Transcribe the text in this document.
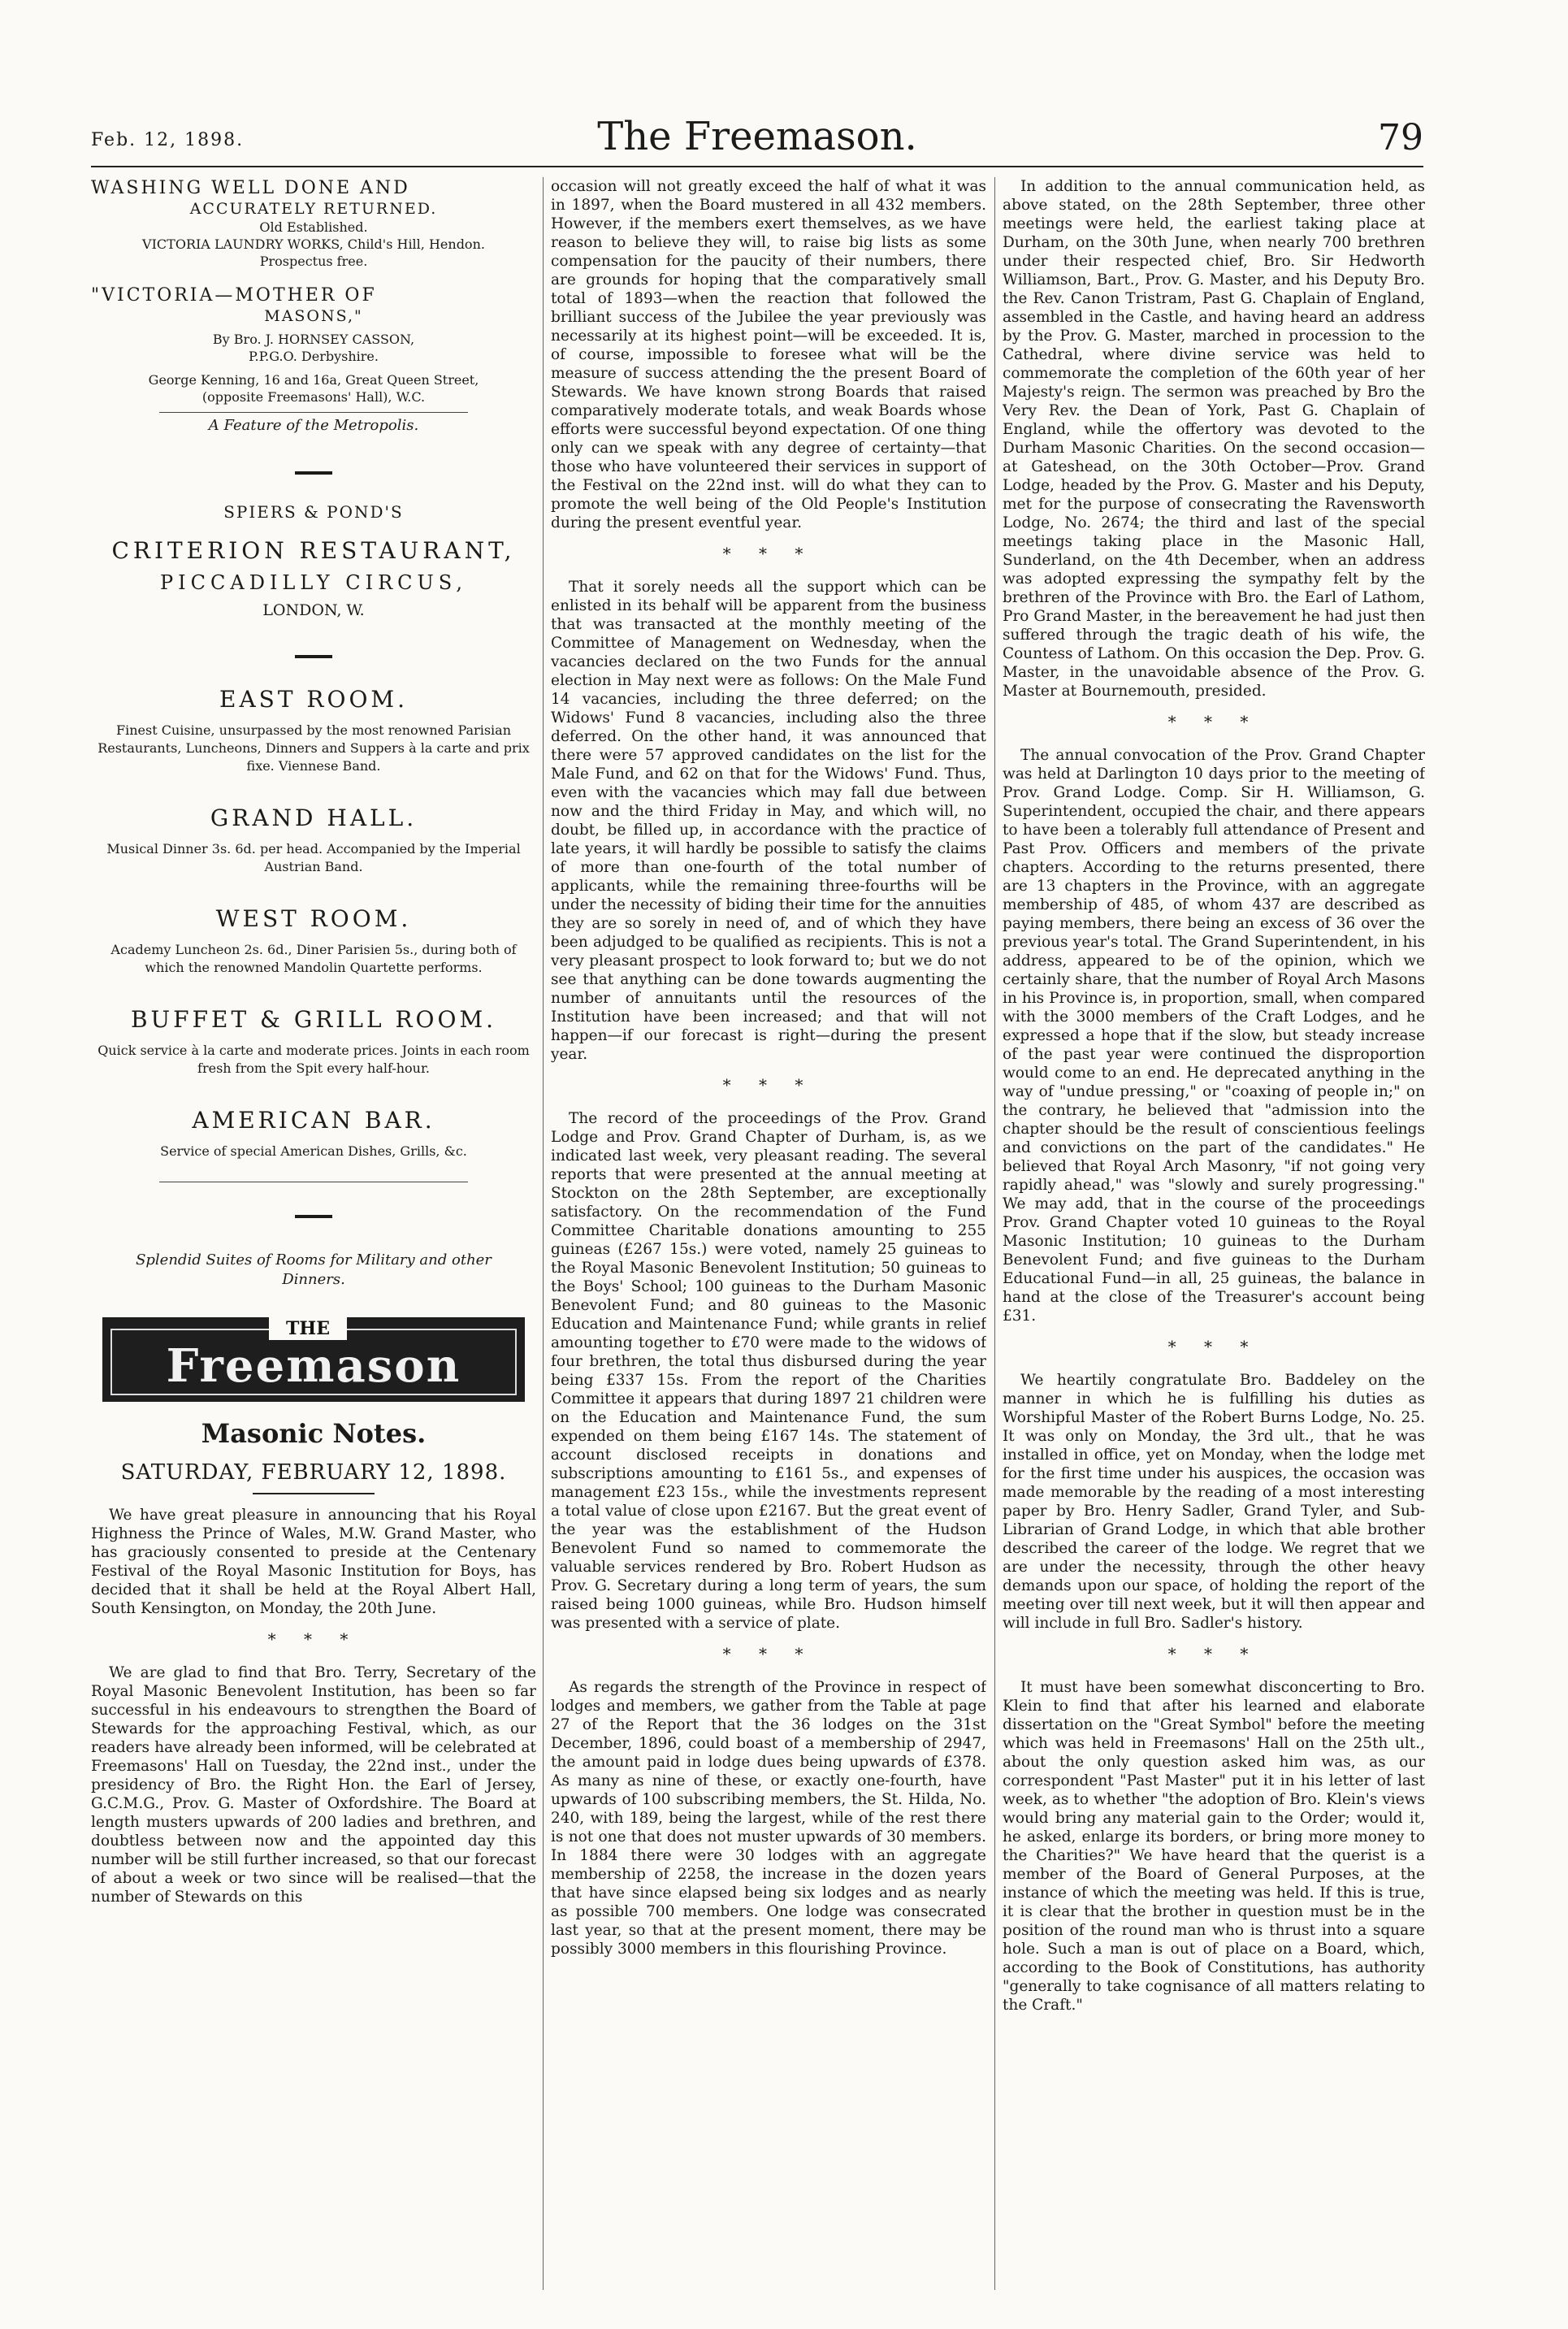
Feb. 12, 1898.	The Freemason.	79
WASHING WELL DONE AND
ACCURATELY RETURNED.
Old Established.
VICTORIA LAUNDRY WORKS, Child's Hill, Hendon.
Prospectus free.
"VICTORIA—MOTHER OF
MASONS,"
By Bro. J. HORNSEY CASSON,
P.P.G.O. Derbyshire.
George Kenning, 16 and 16a, Great Queen Street,
(opposite Freemasons' Hall), W.C.
A Feature of the Metropolis.
SPIERS & POND'S
CRITERION RESTAURANT,
PICCADILLY CIRCUS,
LONDON, W.
EAST ROOM.
Finest Cuisine, unsurpassed by the most renowned Parisian Restaurants, Luncheons, Dinners and Suppers à la carte and prix fixe. Viennese Band.
GRAND HALL.
Musical Dinner 3s. 6d. per head. Accompanied by the Imperial Austrian Band.
WEST ROOM.
Academy Luncheon 2s. 6d., Diner Parisien 5s., during both of which the renowned Mandolin Quartette performs.
BUFFET & GRILL ROOM.
Quick service à la carte and moderate prices. Joints in each room fresh from the Spit every half-hour.
AMERICAN BAR.
Service of special American Dishes, Grills, &c.
Splendid Suites of Rooms for Military and other Dinners.
THE
Freemason
Masonic Notes.
SATURDAY, FEBRUARY 12, 1898.

We have great pleasure in announcing that his Royal Highness the Prince of Wales, M.W. Grand Master, who has graciously consented to preside at the Centenary Festival of the Royal Masonic Institution for Boys, has decided that it shall be held at the Royal Albert Hall, South Kensington, on Monday, the 20th June.

* * *

We are glad to find that Bro. Terry, Secretary of the Royal Masonic Benevolent Institution, has been so far successful in his endeavours to strengthen the Board of Stewards for the approaching Festival, which, as our readers have already been informed, will be celebrated at Freemasons' Hall on Tuesday, the 22nd inst., under the presidency of Bro. the Right Hon. the Earl of Jersey, G.C.M.G., Prov. G. Master of Oxfordshire. The Board at length musters upwards of 200 ladies and brethren, and doubtless between now and the appointed day this number will be still further increased, so that our forecast of about a week or two since will be realised—that the number of Stewards on this

occasion will not greatly exceed the half of what it was in 1897, when the Board mustered in all 432 members. However, if the members exert themselves, as we have reason to believe they will, to raise big lists as some compensation for the paucity of their numbers, there are grounds for hoping that the comparatively small total of 1893—when the reaction that followed the brilliant success of the Jubilee the year previously was necessarily at its highest point—will be exceeded. It is, of course, impossible to foresee what will be the measure of success attending the the present Board of Stewards. We have known strong Boards that raised comparatively moderate totals, and weak Boards whose efforts were successful beyond expectation. Of one thing only can we speak with any degree of certainty—that those who have volunteered their services in support of the Festival on the 22nd inst. will do what they can to promote the well being of the Old People's Institution during the present eventful year.

* * *

That it sorely needs all the support which can be enlisted in its behalf will be apparent from the business that was transacted at the monthly meeting of the Committee of Management on Wednesday, when the vacancies declared on the two Funds for the annual election in May next were as follows: On the Male Fund 14 vacancies, including the three deferred; on the Widows' Fund 8 vacancies, including also the three deferred. On the other hand, it was announced that there were 57 approved candidates on the list for the Male Fund, and 62 on that for the Widows' Fund. Thus, even with the vacancies which may fall due between now and the third Friday in May, and which will, no doubt, be filled up, in accordance with the practice of late years, it will hardly be possible to satisfy the claims of more than one-fourth of the total number of applicants, while the remaining three-fourths will be under the necessity of biding their time for the annuities they are so sorely in need of, and of which they have been adjudged to be qualified as recipients. This is not a very pleasant prospect to look forward to; but we do not see that anything can be done towards augmenting the number of annuitants until the resources of the Institution have been increased; and that will not happen—if our forecast is right—during the present year.

* * *

The record of the proceedings of the Prov. Grand Lodge and Prov. Grand Chapter of Durham, is, as we indicated last week, very pleasant reading. The several reports that were presented at the annual meeting at Stockton on the 28th September, are exceptionally satisfactory. On the recommendation of the Fund Committee Charitable donations amounting to 255 guineas (£267 15s.) were voted, namely 25 guineas to the Royal Masonic Benevolent Institution; 50 guineas to the Boys' School; 100 guineas to the Durham Masonic Benevolent Fund; and 80 guineas to the Masonic Education and Maintenance Fund; while grants in relief amounting together to £70 were made to the widows of four brethren, the total thus disbursed during the year being £337 15s. From the report of the Charities Committee it appears that during 1897 21 children were on the Education and Maintenance Fund, the sum expended on them being £167 14s. The statement of account disclosed receipts in donations and subscriptions amounting to £161 5s., and expenses of management £23 15s., while the investments represent a total value of close upon £2167. But the great event of the year was the establishment of the Hudson Benevolent Fund so named to commemorate the valuable services rendered by Bro. Robert Hudson as Prov. G. Secretary during a long term of years, the sum raised being 1000 guineas, while Bro. Hudson himself was presented with a service of plate.

* * *

As regards the strength of the Province in respect of lodges and members, we gather from the Table at page 27 of the Report that the 36 lodges on the 31st December, 1896, could boast of a membership of 2947, the amount paid in lodge dues being upwards of £378. As many as nine of these, or exactly one-fourth, have upwards of 100 subscribing members, the St. Hilda, No. 240, with 189, being the largest, while of the rest there is not one that does not muster upwards of 30 members. In 1884 there were 30 lodges with an aggregate membership of 2258, the increase in the dozen years that have since elapsed being six lodges and as nearly as possible 700 members. One lodge was consecrated last year, so that at the present moment, there may be possibly 3000 members in this flourishing Province.

In addition to the annual communication held, as above stated, on the 28th September, three other meetings were held, the earliest taking place at Durham, on the 30th June, when nearly 700 brethren under their respected chief, Bro. Sir Hedworth Williamson, Bart., Prov. G. Master, and his Deputy Bro. the Rev. Canon Tristram, Past G. Chaplain of England, assembled in the Castle, and having heard an address by the Prov. G. Master, marched in procession to the Cathedral, where divine service was held to commemorate the completion of the 60th year of her Majesty's reign. The sermon was preached by Bro the Very Rev. the Dean of York, Past G. Chaplain of England, while the offertory was devoted to the Durham Masonic Charities. On the second occasion—at Gateshead, on the 30th October—Prov. Grand Lodge, headed by the Prov. G. Master and his Deputy, met for the purpose of consecrating the Ravensworth Lodge, No. 2674; the third and last of the special meetings taking place in the Masonic Hall, Sunderland, on the 4th December, when an address was adopted expressing the sympathy felt by the brethren of the Province with Bro. the Earl of Lathom, Pro Grand Master, in the bereavement he had just then suffered through the tragic death of his wife, the Countess of Lathom. On this occasion the Dep. Prov. G. Master, in the unavoidable absence of the Prov. G. Master at Bournemouth, presided.

* * *

The annual convocation of the Prov. Grand Chapter was held at Darlington 10 days prior to the meeting of Prov. Grand Lodge. Comp. Sir H. Williamson, G. Superintendent, occupied the chair, and there appears to have been a tolerably full attendance of Present and Past Prov. Officers and members of the private chapters. According to the returns presented, there are 13 chapters in the Province, with an aggregate membership of 485, of whom 437 are described as paying members, there being an excess of 36 over the previous year's total. The Grand Superintendent, in his address, appeared to be of the opinion, which we certainly share, that the number of Royal Arch Masons in his Province is, in proportion, small, when compared with the 3000 members of the Craft Lodges, and he expressed a hope that if the slow, but steady increase of the past year were continued the disproportion would come to an end. He deprecated anything in the way of "undue pressing," or "coaxing of people in;" on the contrary, he believed that "admission into the chapter should be the result of conscientious feelings and convictions on the part of the candidates." He believed that Royal Arch Masonry, "if not going very rapidly ahead," was "slowly and surely progressing." We may add, that in the course of the proceedings Prov. Grand Chapter voted 10 guineas to the Royal Masonic Institution; 10 guineas to the Durham Benevolent Fund; and five guineas to the Durham Educational Fund—in all, 25 guineas, the balance in hand at the close of the Treasurer's account being £31.

* * *

We heartily congratulate Bro. Baddeley on the manner in which he is fulfilling his duties as Worshipful Master of the Robert Burns Lodge, No. 25. It was only on Monday, the 3rd ult., that he was installed in office, yet on Monday, when the lodge met for the first time under his auspices, the occasion was made memorable by the reading of a most interesting paper by Bro. Henry Sadler, Grand Tyler, and Sub-Librarian of Grand Lodge, in which that able brother described the career of the lodge. We regret that we are under the necessity, through the other heavy demands upon our space, of holding the report of the meeting over till next week, but it will then appear and will include in full Bro. Sadler's history.

* * *

It must have been somewhat disconcerting to Bro. Klein to find that after his learned and elaborate dissertation on the "Great Symbol" before the meeting which was held in Freemasons' Hall on the 25th ult., about the only question asked him was, as our correspondent "Past Master" put it in his letter of last week, as to whether "the adoption of Bro. Klein's views would bring any material gain to the Order; would it, he asked, enlarge its borders, or bring more money to the Charities?" We have heard that the querist is a member of the Board of General Purposes, at the instance of which the meeting was held. If this is true, it is clear that the brother in question must be in the position of the round man who is thrust into a square hole. Such a man is out of place on a Board, which, according to the Book of Constitutions, has authority "generally to take cognisance of all matters relating to the Craft."
